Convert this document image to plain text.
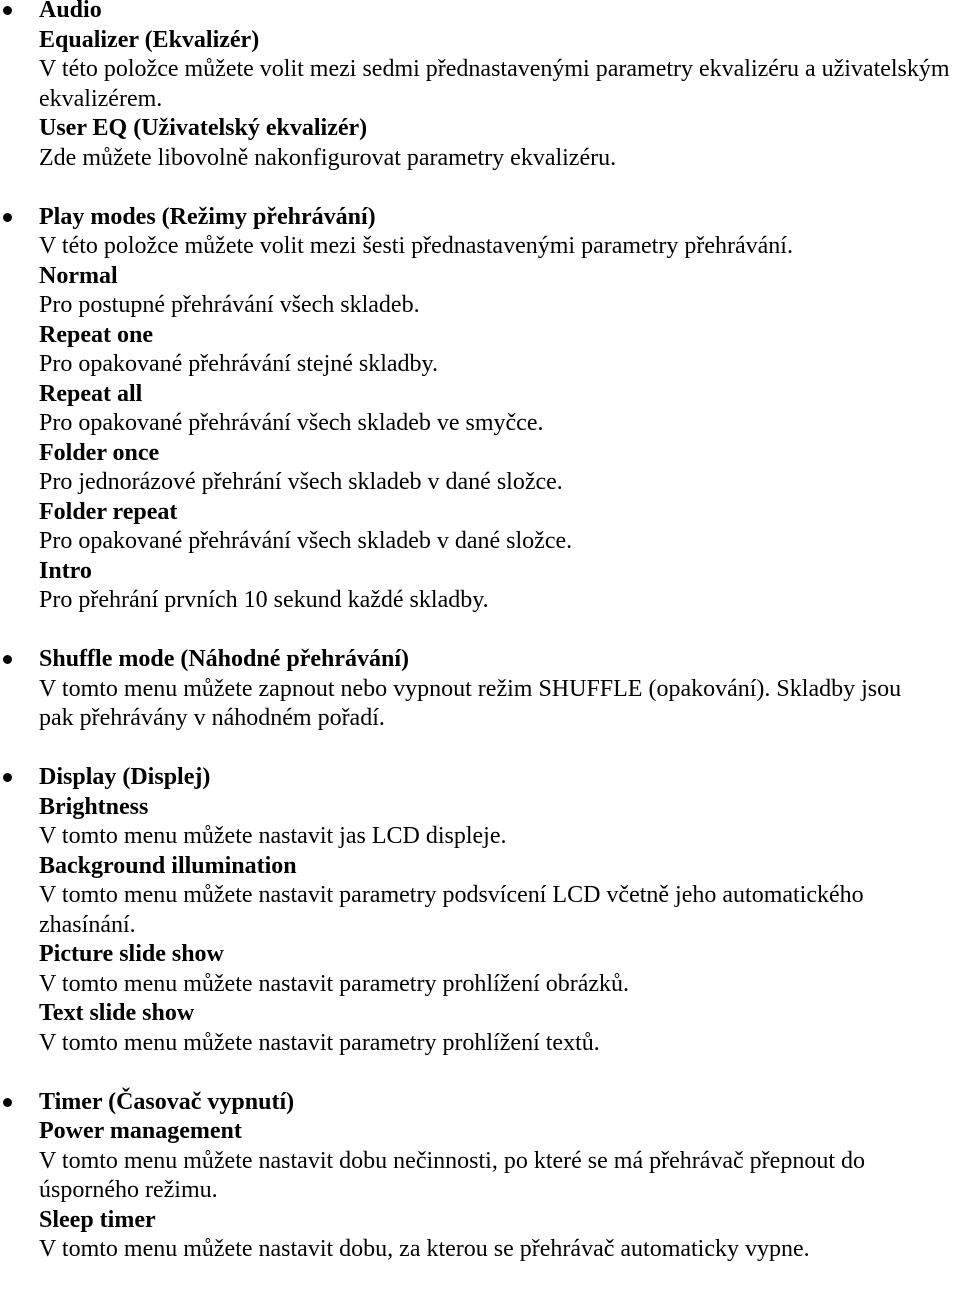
Audio
Equalizer (Ekvalizér)
V této položce můžete volit mezi sedmi přednastavenými parametry ekvalizéru a uživatelským ekvalizérem.
User EQ (Uživatelský ekvalizér)
Zde můžete libovolně nakonfigurovat parametry ekvalizéru.
Play modes (Režimy přehrávání)
V této položce můžete volit mezi šesti přednastavenými parametry přehrávání.
Normal
Pro postupné přehrávání všech skladeb.
Repeat one
Pro opakované přehrávání stejné skladby.
Repeat all
Pro opakované přehrávání všech skladeb ve smyčce.
Folder once
Pro jednorázové přehrání všech skladeb v dané složce.
Folder repeat
Pro opakované přehrávání všech skladeb v dané složce.
Intro
Pro přehrání prvních 10 sekund každé skladby.
Shuffle mode (Náhodné přehrávání)
V tomto menu můžete zapnout nebo vypnout režim SHUFFLE (opakování). Skladby jsou
pak přehrávány v náhodném pořadí.
Display (Displej)
Brightness
V tomto menu můžete nastavit jas LCD displeje.
Background illumination
V tomto menu můžete nastavit parametry podsvícení LCD včetně jeho automatického zhasínání.
Picture slide show
V tomto menu můžete nastavit parametry prohlížení obrázků.
Text slide show
V tomto menu můžete nastavit parametry prohlížení textů.
Timer (Časovač vypnutí)
Power management
V tomto menu můžete nastavit dobu nečinnosti, po které se má přehrávač přepnout do úsporného režimu.
Sleep timer
V tomto menu můžete nastavit dobu, za kterou se přehrávač automaticky vypne.
